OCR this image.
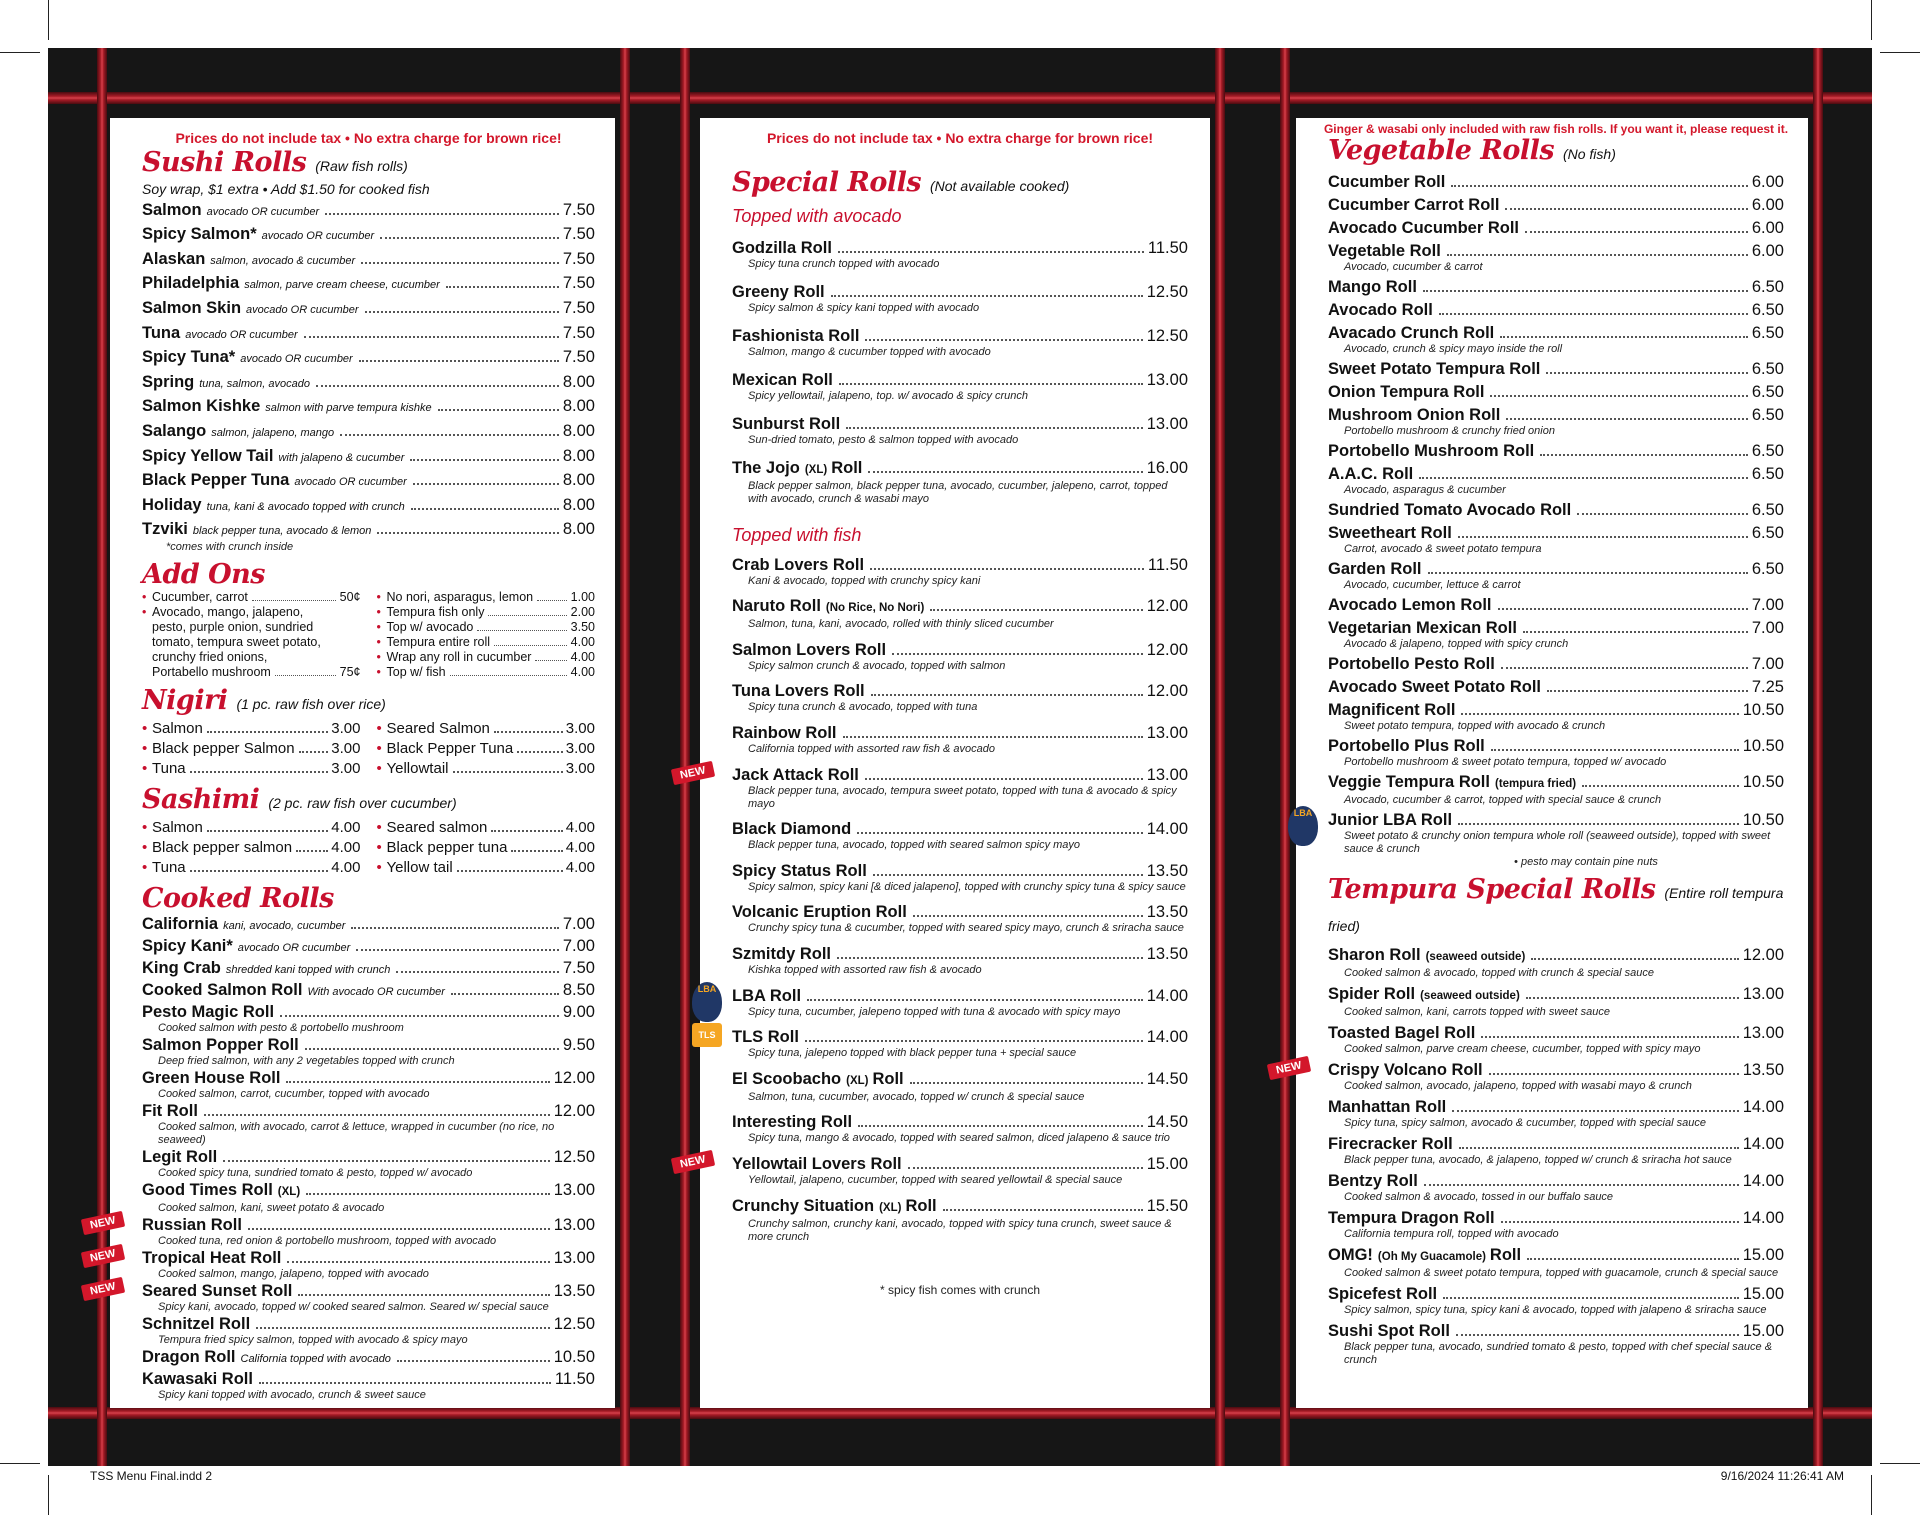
Prices do not include tax • No extra charge for brown rice!
Sushi Rolls (Raw fish rolls)
Soy wrap, $1 extra • Add $1.50 for cooked fish
Salmon avocado OR cucumber	7.50
Spicy Salmon* avocado OR cucumber	7.50
Alaskan salmon, avocado & cucumber	7.50
Philadelphia salmon, parve cream cheese, cucumber	7.50
Salmon Skin avocado OR cucumber	7.50
Tuna avocado OR cucumber	7.50
Spicy Tuna* avocado OR cucumber	7.50
Spring tuna, salmon, avocado	8.00
Salmon Kishke salmon with parve tempura kishke	8.00
Salango salmon, jalapeno, mango	8.00
Spicy Yellow Tail with jalapeno & cucumber	8.00
Black Pepper Tuna avocado OR cucumber	8.00
Holiday tuna, kani & avocado topped with crunch	8.00
Tzviki black pepper tuna, avocado & lemon	8.00
*comes with crunch inside
Add Ons
• Cucumber, carrot	50¢
• Avocado, mango, jalapeno,
pesto, purple onion, sundried
tomato, tempura sweet potato,
crunchy fried onions,
Portabello mushroom	75¢
• No nori, asparagus, lemon	1.00
• Tempura fish only	2.00
• Top w/ avocado	3.50
• Tempura entire roll	4.00
• Wrap any roll in cucumber	4.00
• Top w/ fish	4.00
Nigiri (1 pc. raw fish over rice)
• Salmon	3.00
• Black pepper Salmon 3.00
• Tuna	3.00
• Seared Salmon	3.00
• Black Pepper Tuna	3.00
• Yellowtail	3.00
Sashimi (2 pc. raw fish over cucumber)
• Salmon	4.00
• Black pepper salmon	4.00
• Tuna	4.00
• Seared salmon	4.00
• Black pepper tuna	4.00
• Yellow tail	4.00
Cooked Rolls
California kani, avocado, cucumber	7.00
Spicy Kani* avocado OR cucumber	7.00
King Crab shredded kani topped with crunch	7.50
Cooked Salmon Roll With avocado OR cucumber	8.50
Pesto Magic Roll	9.00
Cooked salmon with pesto & portobello mushroom
Salmon Popper Roll	9.50
Deep fried salmon, with any 2 vegetables topped with crunch
Green House Roll	12.00
Cooked salmon, carrot, cucumber, topped with avocado
Fit Roll	12.00
Cooked salmon, with avocado, carrot & lettuce, wrapped in cucumber (no rice, no seaweed)
Legit Roll	12.50
Cooked spicy tuna, sundried tomato & pesto, topped w/ avocado
Good Times Roll (XL)	13.00
Cooked salmon, kani, sweet potato & avocado
Russian Roll	13.00
Cooked tuna, red onion & portobello mushroom, topped with avocado
NEW
Tropical Heat Roll	13.00
Cooked salmon, mango, jalapeno, topped with avocado
NEW
Seared Sunset Roll	13.50
Spicy kani, avocado, topped w/ cooked seared salmon. Seared w/ special sauce
NEW
Schnitzel Roll	12.50
Tempura fried spicy salmon, topped with avocado & spicy mayo
Dragon Roll California topped with avocado	10.50
Kawasaki Roll	11.50
Spicy kani topped with avocado, crunch & sweet sauce
Prices do not include tax • No extra charge for brown rice!
Special Rolls (Not available cooked)
Topped with avocado
Godzilla Roll	11.50
Spicy tuna crunch topped with avocado
Greeny Roll	12.50
Spicy salmon & spicy kani topped with avocado
Fashionista Roll	12.50
Salmon, mango & cucumber topped with avocado
Mexican Roll	13.00
Spicy yellowtail, jalapeno, top. w/ avocado & spicy crunch
Sunburst Roll	13.00
Sun-dried tomato, pesto & salmon topped with avocado
The Jojo (XL) Roll	16.00
Black pepper salmon, black pepper tuna, avocado, cucumber, jalepeno, carrot, topped with avocado, crunch & wasabi mayo
Topped with fish
Crab Lovers Roll	11.50
Kani & avocado, topped with crunchy spicy kani
Naruto Roll (No Rice, No Nori)	12.00
Salmon, tuna, kani, avocado, rolled with thinly sliced cucumber
Salmon Lovers Roll	12.00
Spicy salmon crunch & avocado, topped with salmon
Tuna Lovers Roll	12.00
Spicy tuna crunch & avocado, topped with tuna
Rainbow Roll	13.00
California topped with assorted raw fish & avocado
Jack Attack Roll	13.00
Black pepper tuna, avocado, tempura sweet potato, topped with tuna & avocado & spicy mayo
NEW
Black Diamond	14.00
Black pepper tuna, avocado, topped with seared salmon spicy mayo
Spicy Status Roll	13.50
Spicy salmon, spicy kani [& diced jalapeno], topped with crunchy spicy tuna & spicy sauce
Volcanic Eruption Roll	13.50
Crunchy spicy tuna & cucumber, topped with seared spicy mayo, crunch & sriracha sauce
Szmitdy Roll	13.50
Kishka topped with assorted raw fish & avocado
LBA Roll	14.00
Spicy tuna, cucumber, jalepeno topped with tuna & avocado with spicy mayo
LBA
TLS Roll	14.00
Spicy tuna, jalepeno topped with black pepper tuna + special sauce
TLS
El Scoobacho (XL) Roll	14.50
Salmon, tuna, cucumber, avocado, topped w/ crunch & special sauce
Interesting Roll	14.50
Spicy tuna, mango & avocado, topped with seared salmon, diced jalapeno & sauce trio
Yellowtail Lovers Roll	15.00
Yellowtail, jalapeno, cucumber, topped with seared yellowtail & special sauce
NEW
Crunchy Situation (XL) Roll	15.50
Crunchy salmon, crunchy kani, avocado, topped with spicy tuna crunch, sweet sauce & more crunch
* spicy fish comes with crunch
Ginger & wasabi only included with raw fish rolls. If you want it, please request it.
Vegetable Rolls (No fish)
Cucumber Roll	6.00
Cucumber Carrot Roll	6.00
Avocado Cucumber Roll	6.00
Vegetable Roll	6.00
Avocado, cucumber & carrot
Mango Roll	6.50
Avocado Roll	6.50
Avacado Crunch Roll	6.50
Avocado, crunch & spicy mayo inside the roll
Sweet Potato Tempura Roll	6.50
Onion Tempura Roll	6.50
Mushroom Onion Roll	6.50
Portobello mushroom & crunchy fried onion
Portobello Mushroom Roll	6.50
A.A.C. Roll	6.50
Avocado, asparagus & cucumber
Sundried Tomato Avocado Roll	6.50
Sweetheart Roll	6.50
Carrot, avocado & sweet potato tempura
Garden Roll	6.50
Avocado, cucumber, lettuce & carrot
Avocado Lemon Roll	7.00
Vegetarian Mexican Roll	7.00
Avocado & jalapeno, topped with spicy crunch
Portobello Pesto Roll	7.00
Avocado Sweet Potato Roll	7.25
Magnificent Roll	10.50
Sweet potato tempura, topped with avocado & crunch
Portobello Plus Roll	10.50
Portobello mushroom & sweet potato tempura, topped w/ avocado
Veggie Tempura Roll (tempura fried)	10.50
Avocado, cucumber & carrot, topped with special sauce & crunch
Junior LBA Roll	10.50
Sweet potato & crunchy onion tempura whole roll (seaweed outside), topped with sweet sauce & crunch
LBA
• pesto may contain pine nuts
Tempura Special Rolls (Entire roll tempura fried)
Sharon Roll (seaweed outside)	12.00
Cooked salmon & avocado, topped with crunch & special sauce
Spider Roll (seaweed outside)	13.00
Cooked salmon, kani, carrots topped with sweet sauce
Toasted Bagel Roll	13.00
Cooked salmon, parve cream cheese, cucumber, topped with spicy mayo
Crispy Volcano Roll	13.50
Cooked salmon, avocado, jalapeno, topped with wasabi mayo & crunch
NEW
Manhattan Roll	14.00
Spicy tuna, spicy salmon, avocado & cucumber, topped with special sauce
Firecracker Roll	14.00
Black pepper tuna, avocado, & jalapeno, topped w/ crunch & sriracha hot sauce
Bentzy Roll	14.00
Cooked salmon & avocado, tossed in our buffalo sauce
Tempura Dragon Roll	14.00
California tempura roll, topped with avocado
OMG! (Oh My Guacamole) Roll	15.00
Cooked salmon & sweet potato tempura, topped with guacamole, crunch & special sauce
Spicefest Roll	15.00
Spicy salmon, spicy tuna, spicy kani & avocado, topped with jalapeno & sriracha sauce
Sushi Spot Roll	15.00
Black pepper tuna, avocado, sundried tomato & pesto, topped with chef special sauce & crunch
TSS Menu Final.indd 2	9/16/2024 11:26:41 AM
